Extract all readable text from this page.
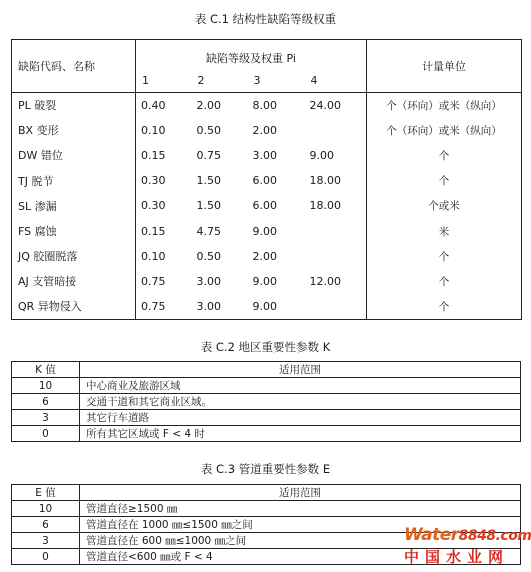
表 C.1 结构性缺陷等级权重
缺陷代码、名称	缺陷等级及权重 Pi				计量单位
	1	2	3	4	
PL 破裂	0.40	2.00	8.00	24.00	个（环向）或米（纵向）
BX 变形	0.10	0.50	2.00		个（环向）或米（纵向）
DW 错位	0.15	0.75	3.00	9.00	个
TJ 脱节	0.30	1.50	6.00	18.00	个
SL 渗漏	0.30	1.50	6.00	18.00	个或米
FS 腐蚀	0.15	4.75	9.00		米
JQ 胶圈脱落	0.10	0.50	2.00		个
AJ 支管暗接	0.75	3.00	9.00	12.00	个
QR 异物侵入	0.75	3.00	9.00		个
表 C.2 地区重要性参数 K
K 值	适用范围
10	中心商业及旅游区域
6	交通干道和其它商业区域。
3	其它行车道路
0	所有其它区域或 F < 4 时
表 C.3 管道重要性参数 E
E 值	适用范围
10	管道直径≥1500 ㎜
6	管道直径在 1000 ㎜≤1500 ㎜之间
3	管道直径在 600 ㎜≤1000 ㎜之间
0	管道直径<600 ㎜或 F < 4
Water8848.com
中国水业网
